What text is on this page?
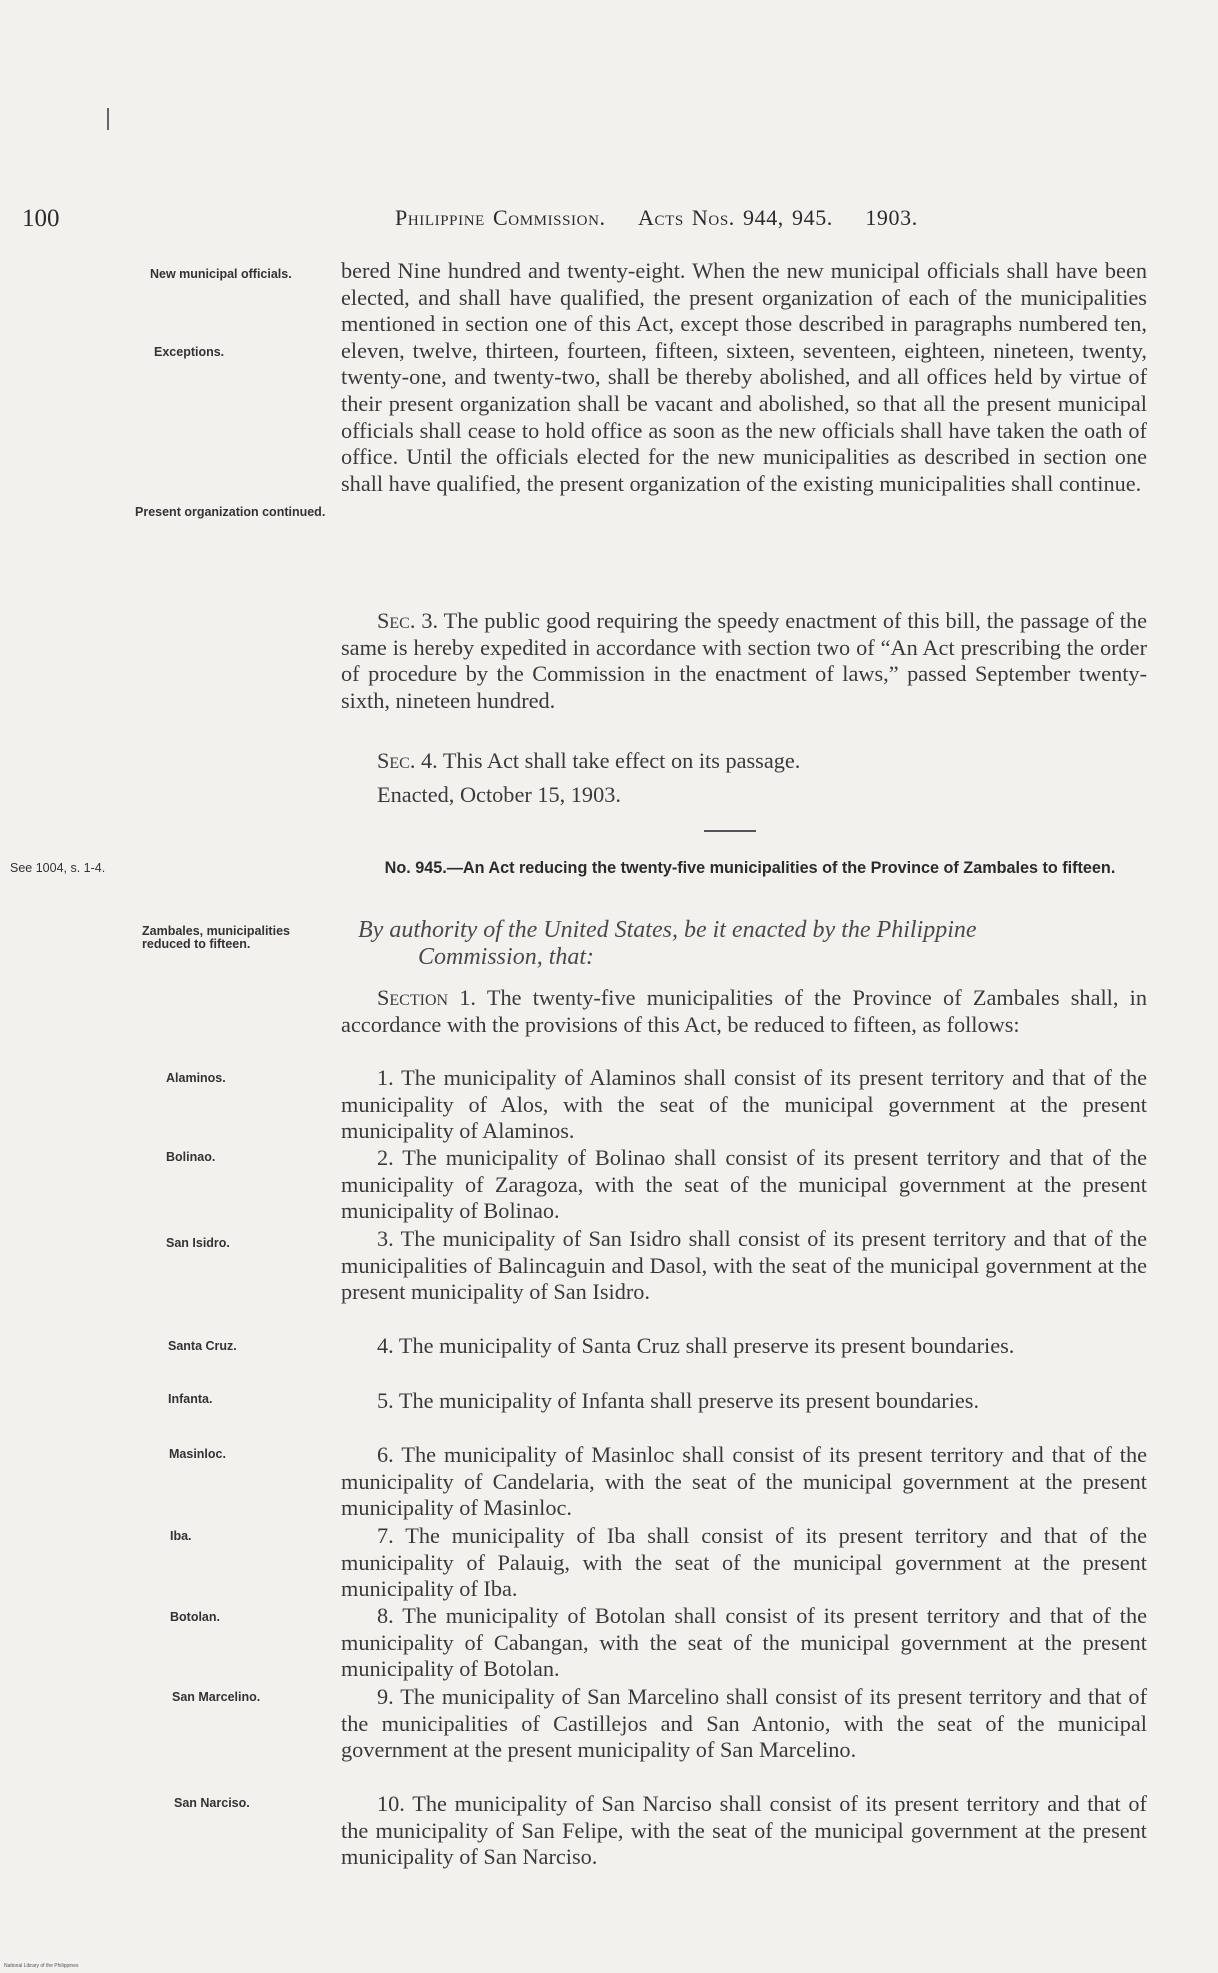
100	Philippine Commission. Acts Nos. 944, 945. 1903.
New municipal officials.
Exceptions.
Present organization continued.
See 1004, s. 1-4.
Zambales, municipalities reduced to fifteen.
Alaminos.
Bolinao.
San Isidro.
Santa Cruz.
Infanta.
Masinloc.
Iba.
Botolan.
San Marcelino.
San Narciso.

bered Nine hundred and twenty-eight. When the new municipal officials shall have been elected, and shall have qualified, the present organization of each of the municipalities mentioned in section one of this Act, except those described in paragraphs numbered ten, eleven, twelve, thirteen, fourteen, fifteen, sixteen, seventeen, eighteen, nineteen, twenty, twenty-one, and twenty-two, shall be thereby abolished, and all offices held by virtue of their present organization shall be vacant and abolished, so that all the present municipal officials shall cease to hold office as soon as the new officials shall have taken the oath of office. Until the officials elected for the new municipalities as described in section one shall have qualified, the present organization of the existing municipalities shall continue.

Sec. 3. The public good requiring the speedy enactment of this bill, the passage of the same is hereby expedited in accordance with section two of “An Act prescribing the order of procedure by the Commission in the enactment of laws,” passed September twenty-sixth, nineteen hundred.

Sec. 4. This Act shall take effect on its passage.

Enacted, October 15, 1903.

No. 945.—An Act reducing the twenty-five municipalities of the Province of Zambales to fifteen.
By authority of the United States, be it enacted by the Philippine
Commission, that:

Section 1. The twenty-five municipalities of the Province of Zambales shall, in accordance with the provisions of this Act, be reduced to fifteen, as follows:

1. The municipality of Alaminos shall consist of its present territory and that of the municipality of Alos, with the seat of the municipal government at the present municipality of Alaminos.

2. The municipality of Bolinao shall consist of its present territory and that of the municipality of Zaragoza, with the seat of the municipal government at the present municipality of Bolinao.

3. The municipality of San Isidro shall consist of its present territory and that of the municipalities of Balincaguin and Dasol, with the seat of the municipal government at the present municipality of San Isidro.

4. The municipality of Santa Cruz shall preserve its present boundaries.

5. The municipality of Infanta shall preserve its present boundaries.

6. The municipality of Masinloc shall consist of its present territory and that of the municipality of Candelaria, with the seat of the municipal government at the present municipality of Masinloc.

7. The municipality of Iba shall consist of its present territory and that of the municipality of Palauig, with the seat of the municipal government at the present municipality of Iba.

8. The municipality of Botolan shall consist of its present territory and that of the municipality of Cabangan, with the seat of the municipal government at the present municipality of Botolan.

9. The municipality of San Marcelino shall consist of its present territory and that of the municipalities of Castillejos and San Antonio, with the seat of the municipal government at the present municipality of San Marcelino.

10. The municipality of San Narciso shall consist of its present territory and that of the municipality of San Felipe, with the seat of the municipal government at the present municipality of San Narciso.

National Library of the Philippines
